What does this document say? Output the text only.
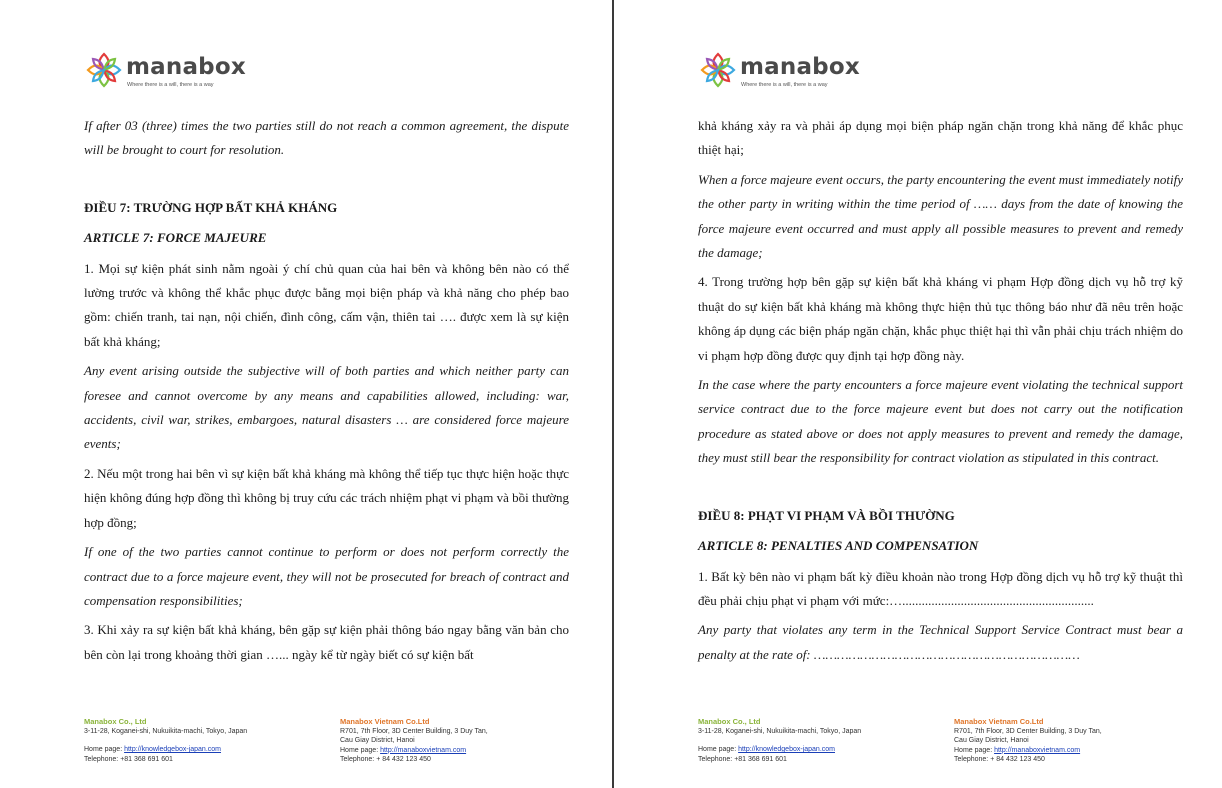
manabox
Where there is a will, there is a way

If after 03 (three) times the two parties still do not reach a common agreement, the dispute will be brought to court for resolution.

ĐIỀU 7: TRƯỜNG HỢP BẤT KHẢ KHÁNG

ARTICLE 7: FORCE MAJEURE

1. Mọi sự kiện phát sinh nằm ngoài ý chí chủ quan của hai bên và không bên nào có thể lường trước và không thể khắc phục được bằng mọi biện pháp và khả năng cho phép bao gồm: chiến tranh, tai nạn, nội chiến, đình công, cấm vận, thiên tai …. được xem là sự kiện bất khả kháng;

Any event arising outside the subjective will of both parties and which neither party can foresee and cannot overcome by any means and capabilities allowed, including: war, accidents, civil war, strikes, embargoes, natural disasters … are considered force majeure events;

2. Nếu một trong hai bên vì sự kiện bất khả kháng mà không thể tiếp tục thực hiện hoặc thực hiện không đúng hợp đồng thì không bị truy cứu các trách nhiệm phạt vi phạm và bồi thường hợp đồng;

If one of the two parties cannot continue to perform or does not perform correctly the contract due to a force majeure event, they will not be prosecuted for breach of contract and compensation responsibilities;

3. Khi xảy ra sự kiện bất khả kháng, bên gặp sự kiện phải thông báo ngay bằng văn bản cho bên còn lại trong khoảng thời gian …... ngày kể từ ngày biết có sự kiện bất

Manabox Co., Ltd
3-11-28, Koganei-shi, Nukuikita-machi, Tokyo, Japan
Home page: http://knowledgebox-japan.com
Telephone: +81 368 691 601
Manabox Vietnam Co.Ltd
R701, 7th Floor, 3D Center Building, 3 Duy Tan,
Cau Giay District, Hanoi
Home page: http://manaboxvietnam.com
Telephone: + 84 432 123 450
manabox
Where there is a will, there is a way

khả kháng xảy ra và phải áp dụng mọi biện pháp ngăn chặn trong khả năng để khắc phục thiệt hại;

When a force majeure event occurs, the party encountering the event must immediately notify the other party in writing within the time period of …… days from the date of knowing the force majeure event occurred and must apply all possible measures to prevent and remedy the damage;

4. Trong trường hợp bên gặp sự kiện bất khả kháng vi phạm Hợp đồng dịch vụ hỗ trợ kỹ thuật do sự kiện bất khả kháng mà không thực hiện thủ tục thông báo như đã nêu trên hoặc không áp dụng các biện pháp ngăn chặn, khắc phục thiệt hại thì vẫn phải chịu trách nhiệm do vi phạm hợp đồng được quy định tại hợp đồng này.

In the case where the party encounters a force majeure event violating the technical support service contract due to the force majeure event but does not carry out the notification procedure as stated above or does not apply measures to prevent and remedy the damage, they must still bear the responsibility for contract violation as stipulated in this contract.

ĐIỀU 8: PHẠT VI PHẠM VÀ BỒI THƯỜNG

ARTICLE 8: PENALTIES AND COMPENSATION

1. Bất kỳ bên nào vi phạm bất kỳ điều khoản nào trong Hợp đồng dịch vụ hỗ trợ kỹ thuật thì đều phải chịu phạt vi phạm với mức:…...........................................................

Any party that violates any term in the Technical Support Service Contract must bear a penalty at the rate of: ……………………………………………………………

Manabox Co., Ltd
3-11-28, Koganei-shi, Nukuikita-machi, Tokyo, Japan
Home page: http://knowledgebox-japan.com
Telephone: +81 368 691 601
Manabox Vietnam Co.Ltd
R701, 7th Floor, 3D Center Building, 3 Duy Tan,
Cau Giay District, Hanoi
Home page: http://manaboxvietnam.com
Telephone: + 84 432 123 450
